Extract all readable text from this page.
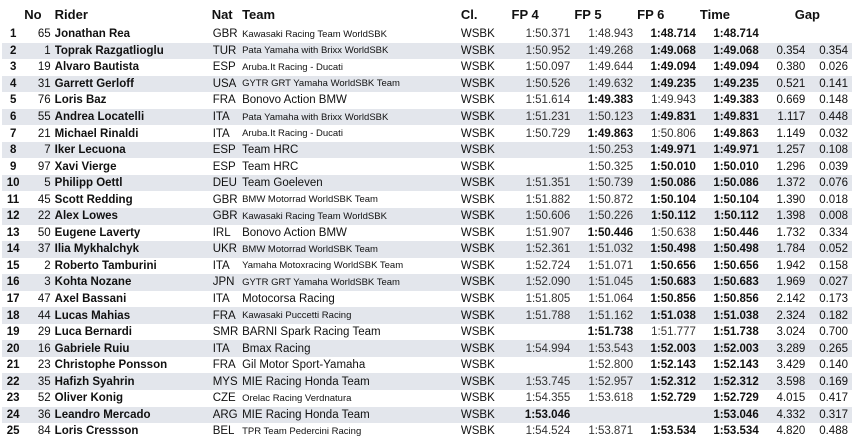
	No	Rider	Nat	Team	Cl.	FP 4	FP 5	FP 6	Time	Gap	
1	65	Jonathan Rea	GBR	Kawasaki Racing Team WorldSBK	WSBK	1:50.371	1:48.943	1:48.714	1:48.714		
2	1	Toprak Razgatlioglu	TUR	Pata Yamaha with Brixx WorldSBK	WSBK	1:50.952	1:49.268	1:49.068	1:49.068	0.354	0.354
3	19	Alvaro Bautista	ESP	Aruba.It Racing - Ducati	WSBK	1:50.097	1:49.644	1:49.094	1:49.094	0.380	0.026
4	31	Garrett Gerloff	USA	GYTR GRT Yamaha WorldSBK Team	WSBK	1:50.526	1:49.632	1:49.235	1:49.235	0.521	0.141
5	76	Loris Baz	FRA	Bonovo Action BMW	WSBK	1:51.614	1:49.383	1:49.943	1:49.383	0.669	0.148
6	55	Andrea Locatelli	ITA	Pata Yamaha with Brixx WorldSBK	WSBK	1:51.231	1:50.123	1:49.831	1:49.831	1.117	0.448
7	21	Michael Rinaldi	ITA	Aruba.It Racing - Ducati	WSBK	1:50.729	1:49.863	1:50.806	1:49.863	1.149	0.032
8	7	Iker Lecuona	ESP	Team HRC	WSBK		1:50.253	1:49.971	1:49.971	1.257	0.108
9	97	Xavi Vierge	ESP	Team HRC	WSBK		1:50.325	1:50.010	1:50.010	1.296	0.039
10	5	Philipp Oettl	DEU	Team Goeleven	WSBK	1:51.351	1:50.739	1:50.086	1:50.086	1.372	0.076
11	45	Scott Redding	GBR	BMW Motorrad WorldSBK Team	WSBK	1:51.882	1:50.872	1:50.104	1:50.104	1.390	0.018
12	22	Alex Lowes	GBR	Kawasaki Racing Team WorldSBK	WSBK	1:50.606	1:50.226	1:50.112	1:50.112	1.398	0.008
13	50	Eugene Laverty	IRL	Bonovo Action BMW	WSBK	1:51.907	1:50.446	1:50.638	1:50.446	1.732	0.334
14	37	Ilia Mykhalchyk	UKR	BMW Motorrad WorldSBK Team	WSBK	1:52.361	1:51.032	1:50.498	1:50.498	1.784	0.052
15	2	Roberto Tamburini	ITA	Yamaha Motoxracing WorldSBK Team	WSBK	1:52.724	1:51.071	1:50.656	1:50.656	1.942	0.158
16	3	Kohta Nozane	JPN	GYTR GRT Yamaha WorldSBK Team	WSBK	1:52.090	1:51.045	1:50.683	1:50.683	1.969	0.027
17	47	Axel Bassani	ITA	Motocorsa Racing	WSBK	1:51.805	1:51.064	1:50.856	1:50.856	2.142	0.173
18	44	Lucas Mahias	FRA	Kawasaki Puccetti Racing	WSBK	1:51.788	1:51.162	1:51.038	1:51.038	2.324	0.182
19	29	Luca Bernardi	SMR	BARNI Spark Racing Team	WSBK		1:51.738	1:51.777	1:51.738	3.024	0.700
20	16	Gabriele Ruiu	ITA	Bmax Racing	WSBK	1:54.994	1:53.543	1:52.003	1:52.003	3.289	0.265
21	23	Christophe Ponsson	FRA	Gil Motor Sport-Yamaha	WSBK		1:52.800	1:52.143	1:52.143	3.429	0.140
22	35	Hafizh Syahrin	MYS	MIE Racing Honda Team	WSBK	1:53.745	1:52.957	1:52.312	1:52.312	3.598	0.169
23	52	Oliver Konig	CZE	Orelac Racing Verdnatura	WSBK	1:54.355	1:53.618	1:52.729	1:52.729	4.015	0.417
24	36	Leandro Mercado	ARG	MIE Racing Honda Team	WSBK	1:53.046			1:53.046	4.332	0.317
25	84	Loris Cressson	BEL	TPR Team Pedercini Racing	WSBK	1:54.524	1:53.871	1:53.534	1:53.534	4.820	0.488
